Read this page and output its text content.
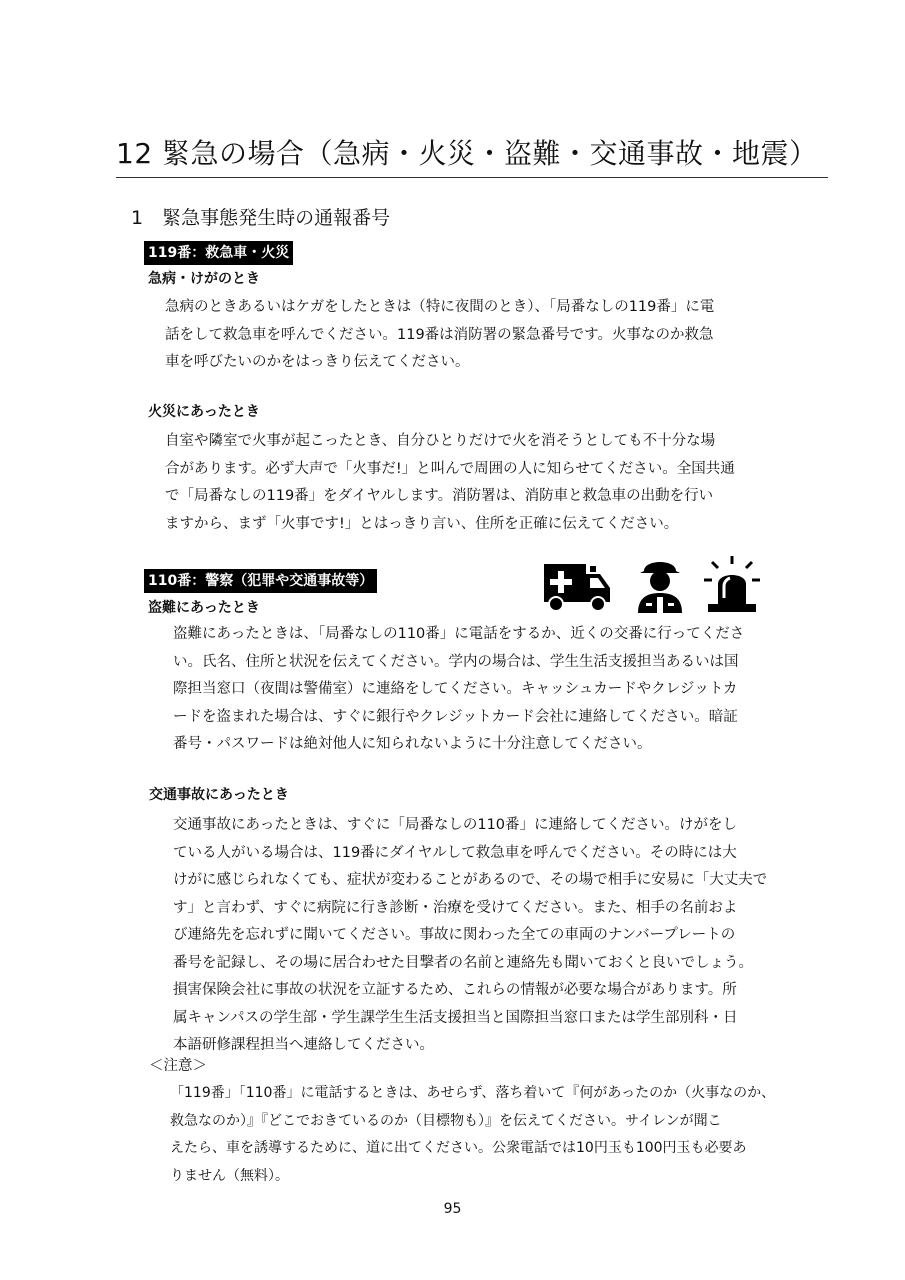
12 緊急の場合（急病・火災・盗難・交通事故・地震）
1　緊急事態発生時の通報番号
119番：救急車・火災
急病・けがのとき
急病のときあるいはケガをしたときは（特に夜間のとき）、「局番なしの119番」に電
話をして救急車を呼んでください。119番は消防署の緊急番号です。火事なのか救急
車を呼びたいのかをはっきり伝えてください。
火災にあったとき
自室や隣室で火事が起こったとき、自分ひとりだけで火を消そうとしても不十分な場
合があります。必ず大声で「火事だ!」と叫んで周囲の人に知らせてください。全国共通
で「局番なしの119番」をダイヤルします。消防署は、消防車と救急車の出動を行い
ますから、まず「火事です!」とはっきり言い、住所を正確に伝えてください。
110番：警察（犯罪や交通事故等）
盗難にあったとき
盗難にあったときは、「局番なしの110番」に電話をするか、近くの交番に行ってくださ
い。氏名、住所と状況を伝えてください。学内の場合は、学生生活支援担当あるいは国
際担当窓口（夜間は警備室）に連絡をしてください。キャッシュカードやクレジットカ
ードを盗まれた場合は、すぐに銀行やクレジットカード会社に連絡してください。暗証
番号・パスワードは絶対他人に知られないように十分注意してください。
交通事故にあったとき
交通事故にあったときは、すぐに「局番なしの110番」に連絡してください。けがをし
ている人がいる場合は、119番にダイヤルして救急車を呼んでください。その時には大
けがに感じられなくても、症状が変わることがあるので、その場で相手に安易に「大丈夫で
す」と言わず、すぐに病院に行き診断・治療を受けてください。また、相手の名前およ
び連絡先を忘れずに聞いてください。事故に関わった全ての車両のナンバープレートの
番号を記録し、その場に居合わせた目撃者の名前と連絡先も聞いておくと良いでしょう。
損害保険会社に事故の状況を立証するため、これらの情報が必要な場合があります。所
属キャンパスの学生部・学生課学生生活支援担当と国際担当窓口または学生部別科・日
本語研修課程担当へ連絡してください。
＜注意＞
「119番」「110番」に電話するときは、あせらず、落ち着いて『何があったのか（火事なのか、
救急なのか）』『どこでおきているのか（目標物も）』を伝えてください。サイレンが聞こ
えたら、車を誘導するために、道に出てください。公衆電話では10円玉も100円玉も必要あ
りません（無料）。
95
